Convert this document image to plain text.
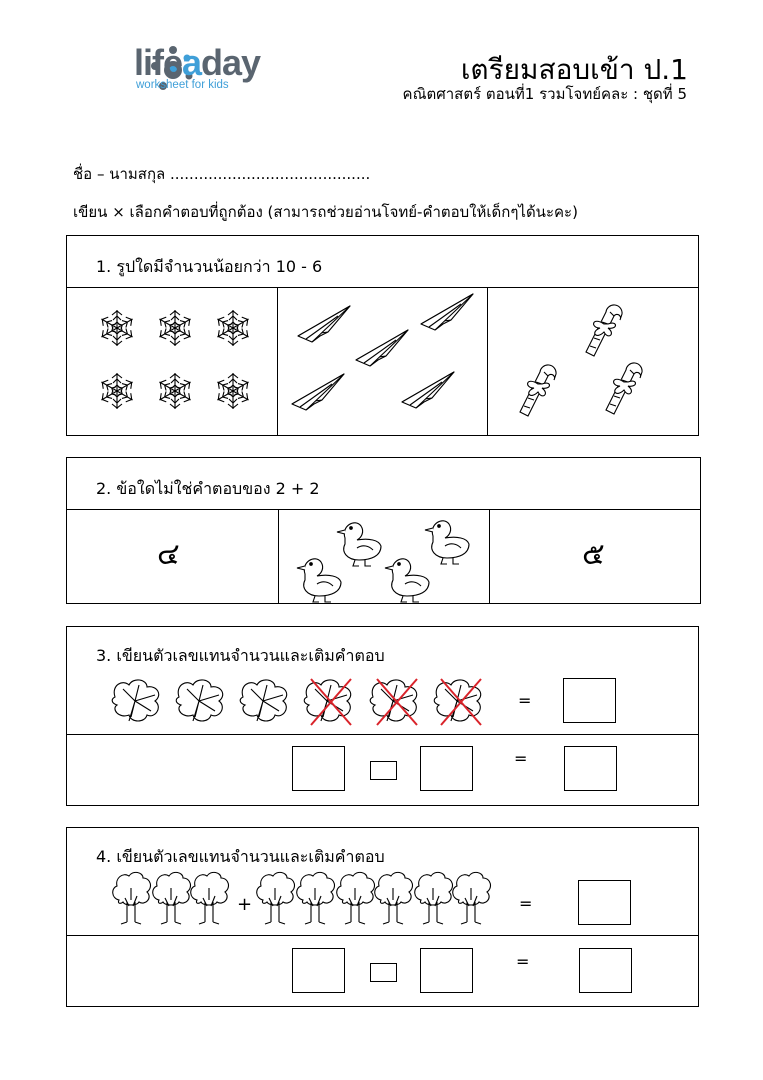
lifeaday
worksheet for kids	เตรียมสอบเข้า ป.1
คณิตศาสตร์ ตอนที่1 รวมโจทย์คละ : ชุดที่ 5
ชื่อ – นามสกุล ..........................................
เขียน × เลือกคำตอบที่ถูกต้อง (สามารถช่วยอ่านโจทย์-คำตอบให้เด็กๆได้นะคะ)
1. รูปใดมีจำนวนน้อยกว่า 10 - 6
2. ข้อใดไม่ใช่คำตอบของ 2 + 2
๔	๕
3. เขียนตัวเลขแทนจำนวนและเติมคำตอบ
=
=
4. เขียนตัวเลขแทนจำนวนและเติมคำตอบ
+	=
=
